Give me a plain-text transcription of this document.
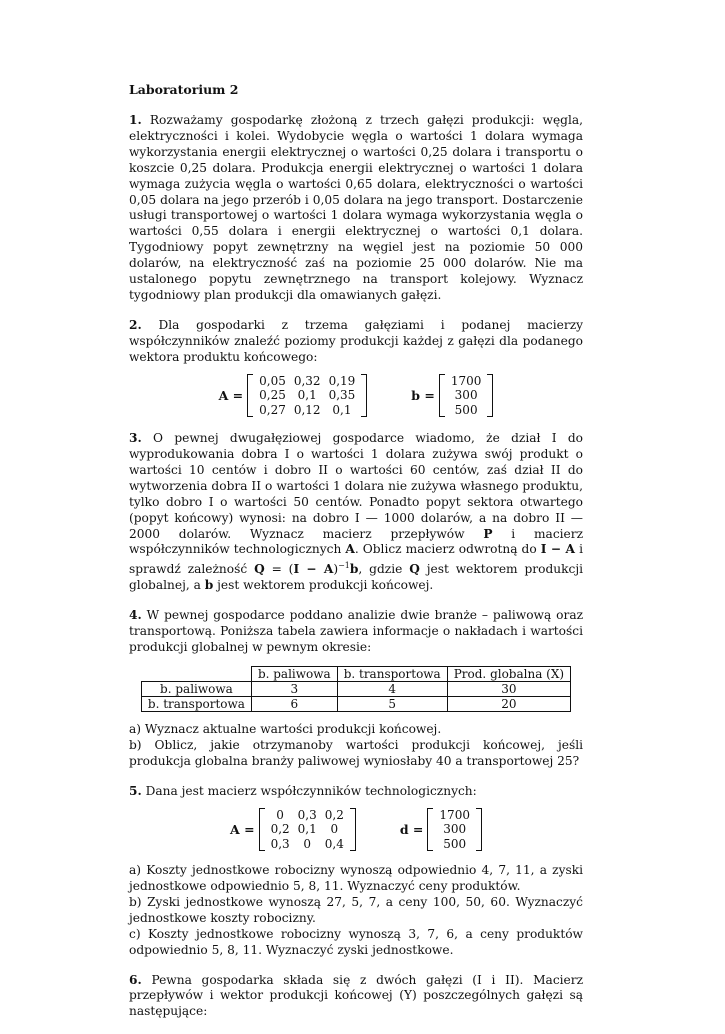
Laboratorium 2

1. Rozważamy gospodarkę złożoną z trzech gałęzi produkcji: węgla, elektryczności i kolei. Wydobycie węgla o wartości 1 dolara wymaga wykorzystania energii elektrycznej o wartości 0,25 dolara i transportu o koszcie 0,25 dolara. Produkcja energii elektrycznej o wartości 1 dolara wymaga zużycia węgla o wartości 0,65 dolara, elektryczności o wartości 0,05 dolara na jego przerób i 0,05 dolara na jego transport. Dostarczenie usługi transportowej o wartości 1 dolara wymaga wykorzystania węgla o wartości 0,55 dolara i energii elektrycznej o wartości 0,1 dolara. Tygodniowy popyt zewnętrzny na węgiel jest na poziomie 50 000 dolarów, na elektryczność zaś na poziomie 25 000 dolarów. Nie ma ustalonego popytu zewnętrznego na transport kolejowy. Wyznacz tygodniowy plan produkcji dla omawianych gałęzi.

2. Dla gospodarki z trzema gałęziami i podanej macierzy współczynników znaleźć poziomy produkcji każdej z gałęzi dla podanego wektora produktu końcowego:

A =
0,05	0,32	0,19
0,25	0,1	0,35
0,27	0,12	0,1
b =
1700
300
500

3. O pewnej dwugałęziowej gospodarce wiadomo, że dział I do wyprodukowania dobra I o wartości 1 dolara zużywa swój produkt o wartości 10 centów i dobro II o wartości 60 centów, zaś dział II do wytworzenia dobra II o wartości 1 dolara nie zużywa własnego produktu, tylko dobro I o wartości 50 centów. Ponadto popyt sektora otwartego (popyt końcowy) wynosi: na dobro I — 1000 dolarów, a na dobro II — 2000 dolarów. Wyznacz macierz przepływów P i macierz współczynników technologicznych A. Oblicz macierz odwrotną do I − A i sprawdź zależność $Q = (I - A)^{-1}b$, gdzie Q jest wektorem produkcji globalnej, a b jest wektorem produkcji końcowej.

4. W pewnej gospodarce poddano analizie dwie branże – paliwową oraz transportową. Poniższa tabela zawiera informacje o nakładach i wartości produkcji globalnej w pewnym okresie:

	b. paliwowa	b. transportowa	Prod. globalna (X)
b. paliwowa	3	4	30
b. transportowa	6	5	20

a) Wyznacz aktualne wartości produkcji końcowej.

b) Oblicz, jakie otrzymanoby wartości produkcji końcowej, jeśli produkcja globalna branży paliwowej wyniosłaby 40 a transportowej 25?

5. Dana jest macierz współczynników technologicznych:

A =
0	0,3	0,2
0,2	0,1	0
0,3	0	0,4
d =
1700
300
500

a) Koszty jednostkowe robocizny wynoszą odpowiednio 4, 7, 11, a zyski jednostkowe odpowiednio 5, 8, 11. Wyznaczyć ceny produktów.

b) Zyski jednostkowe wynoszą 27, 5, 7, a ceny 100, 50, 60. Wyznaczyć jednostkowe koszty robocizny.

c) Koszty jednostkowe robocizny wynoszą 3, 7, 6, a ceny produktów odpowiednio 5, 8, 11. Wyznaczyć zyski jednostkowe.

6. Pewna gospodarka składa się z dwóch gałęzi (I i II). Macierz przepływów i wektor produkcji końcowej (Y) poszczególnych gałęzi są następujące:
